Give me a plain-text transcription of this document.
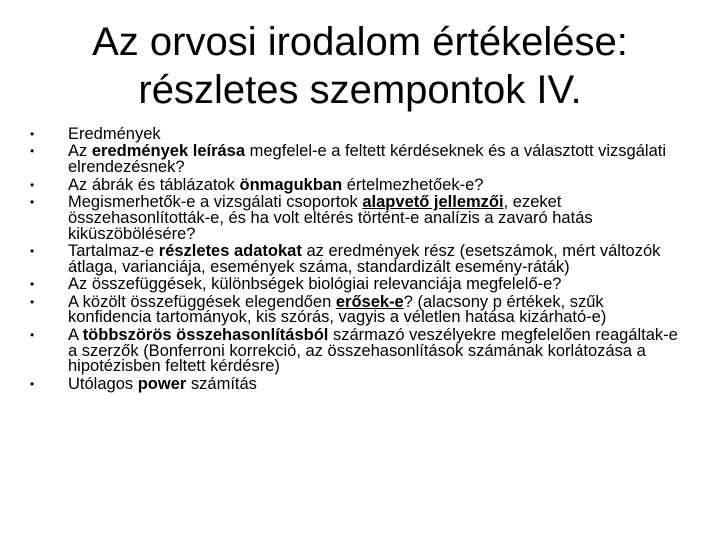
Az orvosi irodalom értékelése:
részletes szempontok IV.
•	Eredmények
•	Az eredmények leírása megfelel-e a feltett kérdéseknek és a választott vizsgálati elrendezésnek?
•	Az ábrák és táblázatok önmagukban értelmezhetőek-e?
•	Megismerhetők-e a vizsgálati csoportok alapvető jellemzői, ezeket összehasonlították-e, és ha volt eltérés történt-e analízis a zavaró hatás kiküszöbölésére?
•	Tartalmaz-e részletes adatokat az eredmények rész (esetszámok, mért változók átlaga, varianciája, események száma, standardizált esemény-ráták)
•	Az összefüggések, különbségek biológiai relevanciája megfelelő-e?
•	A közölt összefüggések elegendően erősek-e? (alacsony p értékek, szűk konfidencia tartományok, kis szórás, vagyis a véletlen hatása kizárható-e)
•	A többszörös összehasonlításból származó veszélyekre megfelelően reagáltak-e a szerzők (Bonferroni korrekció, az összehasonlítások számának korlátozása a hipotézisben feltett kérdésre)
•	Utólagos power számítás
